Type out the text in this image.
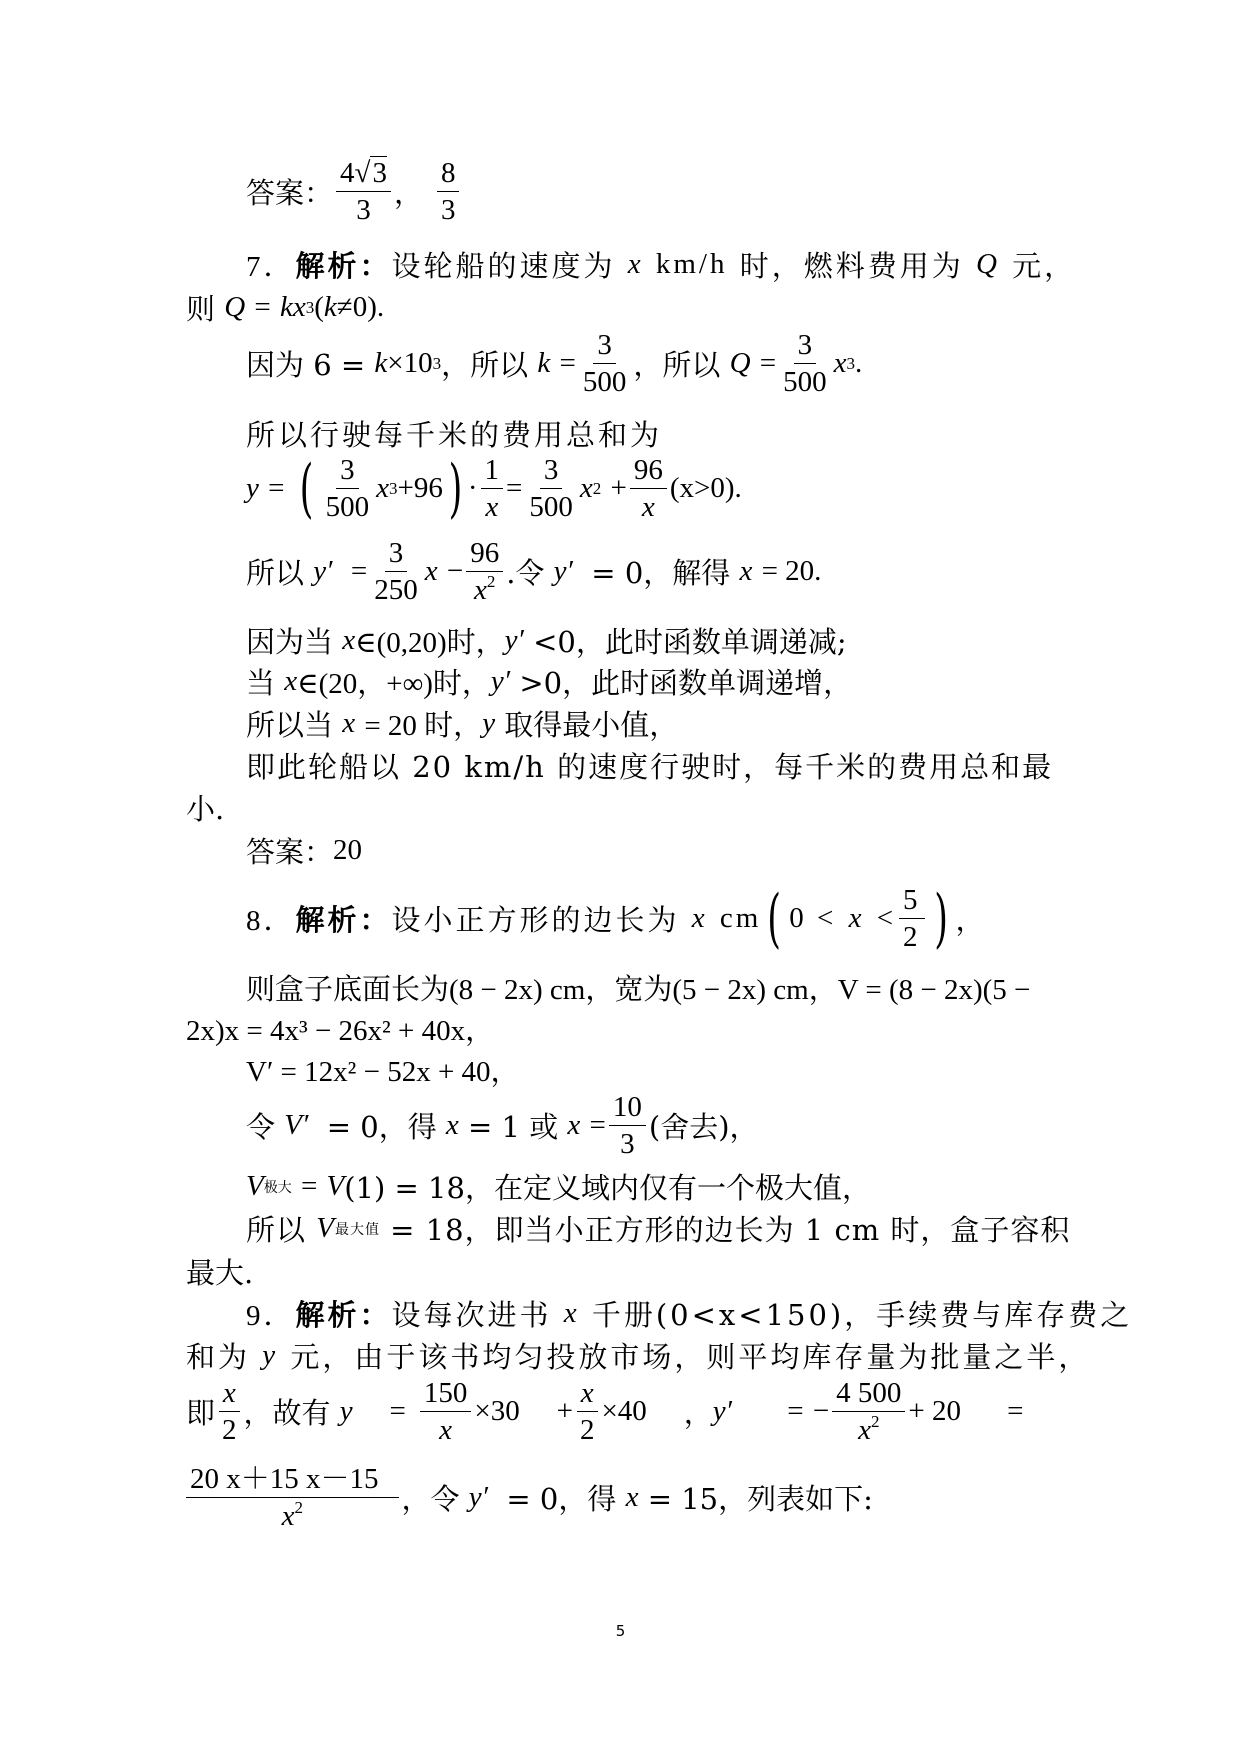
答案： $\frac{4√3}{3}$ ， $\frac{8}{3}$
7． 解析： 设轮船的速度为
x
km/h
时，燃料费用为
Q
元，
则
Q
=
kx 3 ( k ≠0).
因为 6 =
k ×10 3 ，所以
k
= $\frac{3}{500}$ ，所以
Q
= $\frac{3}{500}$ x 3 .
所以行驶每千米的费用总和为
y
=
( $\frac{3}{500}$ x 3 +96 ) · $\frac{1}{x} = \frac{3}{500}$ x 2
+ $\frac{96}{x} (x>0)$.
所以
y′
= $\frac{3}{250}$ x
− $\frac{96}{x^2}$ .令
y′
= 0，解得
x
= 20.
因为当
x ∈(0,20)时， y′
<0，此时函数单调递减;
当
x ∈(20，+∞)时， y′
>0，此时函数单调递增，
所以当
x
= 20 时， y
取得最小值，
即此轮船以 20 km/h 的速度行驶时，每千米的费用总和最
小.
答案： 20
8． 解析： 设小正方形的边长为
x
cm ( 0 <
x
< $\frac{5}{2}$ ) ，
则盒子底面长为(8 − 2x) cm，宽为(5 − 2x) cm，V = (8 − 2x)(5 −
2x)x = 4x³ − 26x² + 40x，
V′ = 12x² − 52x + 40，
令
V′
= 0，得
x
= 1 或
x
= $\frac{10}{3}$ (舍去)，
V 极大
=
V (1) = 18，在定义域内仅有一个极大值，
所以
V 最大值
= 18，即当小正方形的边长为 1 cm 时，盒子容积
最大.
9． 解析： 设每次进书
x
千册(0<x<150)，手续费与库存费之
和为
y
元，由于该书均匀投放市场，则平均库存量为批量之半，
即 $\frac{x}{2}$ ，故有
y
= $\frac{150}{x} \times 30$
+ $\frac{x}{2} \times 40$
， y′
=
− $\frac{4 500}{x^2} + 20$
=
$\frac{20 x+15 x-15}{x^2}$ ，令
y′
= 0，得
x
= 15，列表如下:
5
